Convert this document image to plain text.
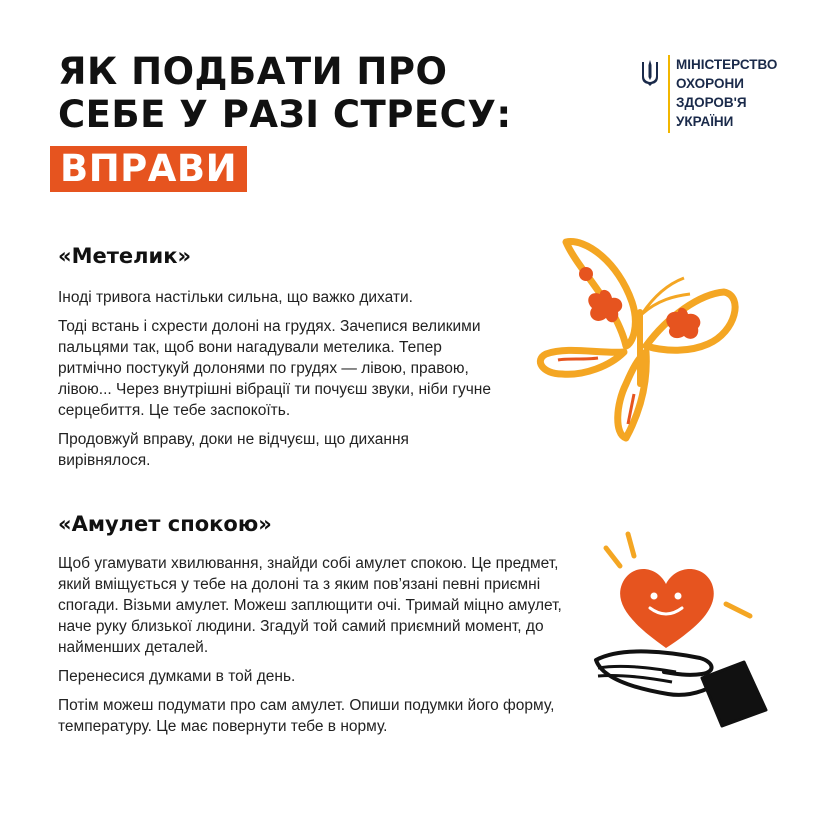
ЯК ПОДБАТИ ПРО
СЕБЕ У РАЗІ СТРЕСУ:
ВПРАВИ
МІНІСТЕРСТВО
ОХОРОНИ
ЗДОРОВ'Я
УКРАЇНИ
«Метелик»

Іноді тривога настільки сильна, що важко дихати.

Тоді встань і схрести долоні на грудях. Зачепися великими пальцями так, щоб вони нагадували метелика. Тепер ритмічно постукуй долонями по грудях — лівою, правою, лівою... Через внутрішні вібрації ти почуєш звуки, ніби гучне серцебиття. Це тебе заспокоїть.

Продовжуй вправу, доки не відчуєш, що дихання вирівнялося.

«Амулет спокою»

Щоб угамувати хвилювання, знайди собі амулет спокою. Це предмет, який вміщується у тебе на долоні та з яким пов’язані певні приємні спогади. Візьми амулет. Можеш заплющити очі. Тримай міцно амулет, наче руку близької людини. Згадуй той самий приємний момент, до найменших деталей.

Перенесися думками в той день.

Потім можеш подумати про сам амулет. Опиши подумки його форму, температуру. Це має повернути тебе в норму.
